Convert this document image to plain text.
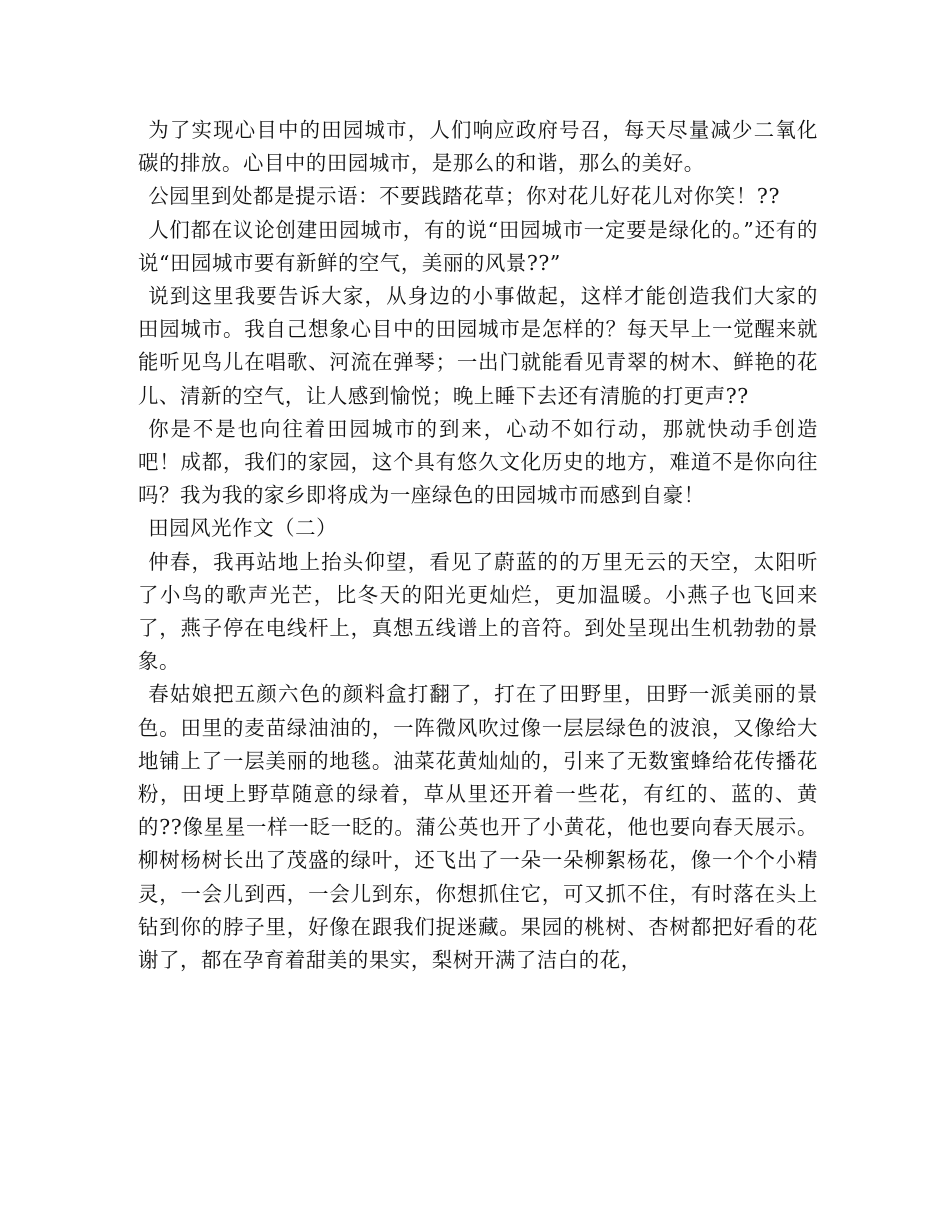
为了实现心目中的田园城市，人们响应政府号召，每天尽量减少二氧化碳的排放。心目中的田园城市，是那么的和谐，那么的美好。

公园里到处都是提示语：不要践踏花草；你对花儿好花儿对你笑！??

人们都在议论创建田园城市，有的说“田园城市一定要是绿化的。”还有的说“田园城市要有新鲜的空气，美丽的风景??”

说到这里我要告诉大家，从身边的小事做起，这样才能创造我们大家的田园城市。我自己想象心目中的田园城市是怎样的？每天早上一觉醒来就能听见鸟儿在唱歌、河流在弹琴；一出门就能看见青翠的树木、鲜艳的花儿、清新的空气，让人感到愉悦；晚上睡下去还有清脆的打更声??

你是不是也向往着田园城市的到来，心动不如行动，那就快动手创造吧！成都，我们的家园，这个具有悠久文化历史的地方，难道不是你向往吗？我为我的家乡即将成为一座绿色的田园城市而感到自豪！

田园风光作文（二）

仲春，我再站地上抬头仰望，看见了蔚蓝的的万里无云的天空，太阳听了小鸟的歌声光芒，比冬天的阳光更灿烂，更加温暖。小燕子也飞回来了，燕子停在电线杆上，真想五线谱上的音符。到处呈现出生机勃勃的景象。

春姑娘把五颜六色的颜料盒打翻了，打在了田野里，田野一派美丽的景色。田里的麦苗绿油油的，一阵微风吹过像一层层绿色的波浪，又像给大地铺上了一层美丽的地毯。油菜花黄灿灿的，引来了无数蜜蜂给花传播花粉，田埂上野草随意的绿着，草从里还开着一些花，有红的、蓝的、黄的??像星星一样一眨一眨的。蒲公英也开了小黄花，他也要向春天展示。柳树杨树长出了茂盛的绿叶，还飞出了一朵一朵柳絮杨花，像一个个小精灵，一会儿到西，一会儿到东，你想抓住它，可又抓不住，有时落在头上钻到你的脖子里，好像在跟我们捉迷藏。果园的桃树、杏树都把好看的花谢了，都在孕育着甜美的果实，梨树开满了洁白的花，
